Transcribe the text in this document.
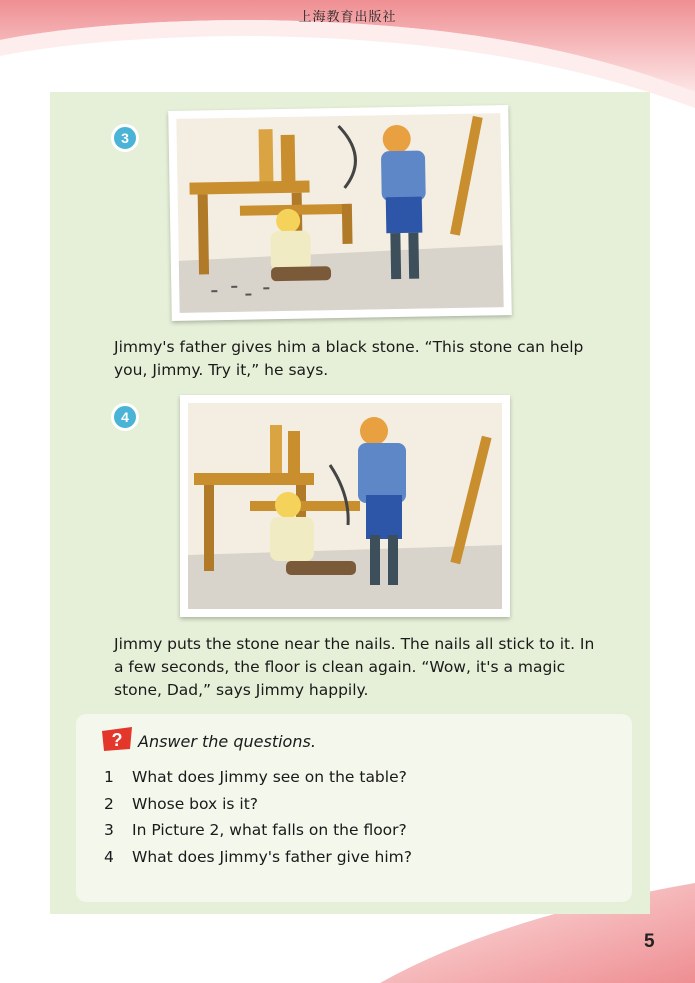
上海教育出版社
3
Jimmy's father gives him a black stone. “This stone can help you, Jimmy. Try it,” he says.
4
Jimmy puts the stone near the nails. The nails all stick to it. In a few seconds, the floor is clean again. “Wow, it's a magic stone, Dad,” says Jimmy happily.
? Answer the questions.
1 What does Jimmy see on the table?
2 Whose box is it?
3 In Picture 2, what falls on the floor?
4 What does Jimmy's father give him?
5
